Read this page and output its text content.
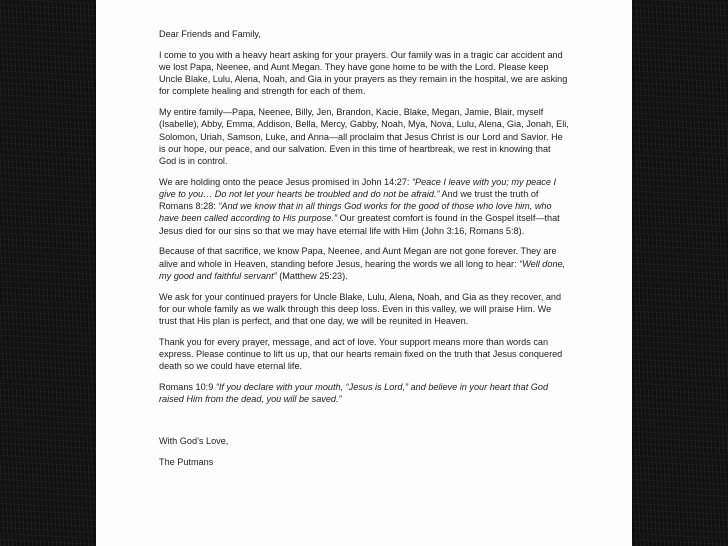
Dear Friends and Family,

I come to you with a heavy heart asking for your prayers. Our family was in a tragic car accident and we lost Papa, Neenee, and Aunt Megan. They have gone home to be with the Lord. Please keep Uncle Blake, Lulu, Alena, Noah, and Gia in your prayers as they remain in the hospital, we are asking for complete healing and strength for each of them.

My entire family—Papa, Neenee, Billy, Jen, Brandon, Kacie, Blake, Megan, Jamie, Blair, myself (Isabelle), Abby, Emma, Addison, Bella, Mercy, Gabby, Noah, Mya, Nova, Lulu, Alena, Gia, Jonah, Eli, Solomon, Uriah, Samson, Luke, and Anna—all proclaim that Jesus Christ is our Lord and Savior. He is our hope, our peace, and our salvation. Even in this time of heartbreak, we rest in knowing that God is in control.

We are holding onto the peace Jesus promised in John 14:27: “Peace I leave with you; my peace I give to you… Do not let your hearts be troubled and do not be afraid.” And we trust the truth of Romans 8:28: “And we know that in all things God works for the good of those who love him, who have been called according to His purpose.” Our greatest comfort is found in the Gospel itself—that Jesus died for our sins so that we may have eternal life with Him (John 3:16, Romans 5:8).

Because of that sacrifice, we know Papa, Neenee, and Aunt Megan are not gone forever. They are alive and whole in Heaven, standing before Jesus, hearing the words we all long to hear: “Well done, my good and faithful servant” (Matthew 25:23).

We ask for your continued prayers for Uncle Blake, Lulu, Alena, Noah, and Gia as they recover, and for our whole family as we walk through this deep loss. Even in this valley, we will praise Him. We trust that His plan is perfect, and that one day, we will be reunited in Heaven.

Thank you for every prayer, message, and act of love. Your support means more than words can express. Please continue to lift us up, that our hearts remain fixed on the truth that Jesus conquered death so we could have eternal life.

Romans 10:9 “If you declare with your mouth, “Jesus is Lord,” and believe in your heart that God raised Him from the dead, you will be saved.”

With God’s Love,

The Putmans
